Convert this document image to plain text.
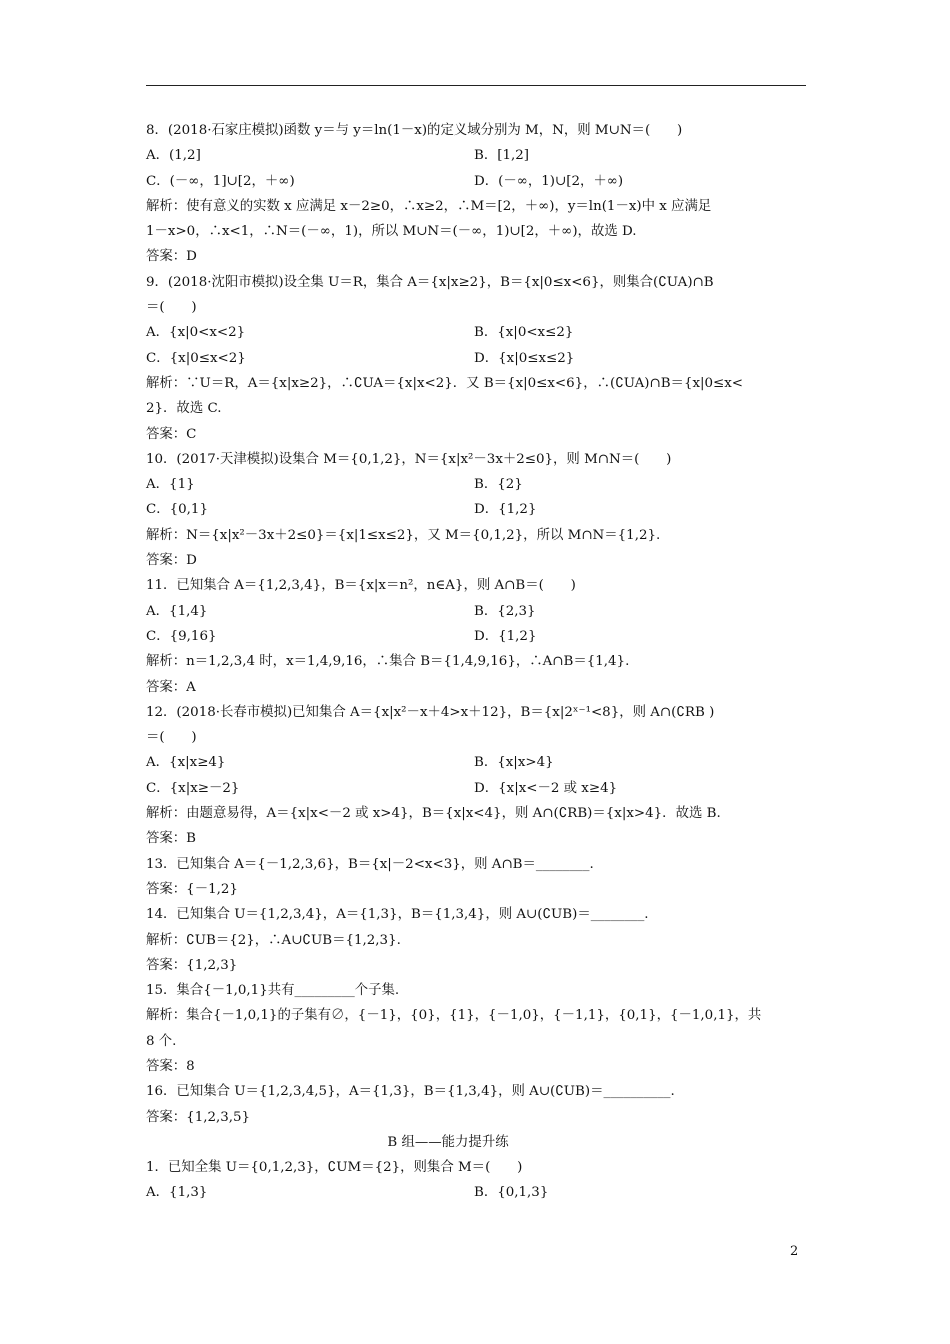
8．(2018·石家庄模拟)函数 y＝与 y＝ln(1－x)的定义域分别为 M，N，则 M∪N＝(　　)
A．(1,2]	B．[1,2]
C．(－∞，1]∪[2，＋∞)	D．(－∞，1)∪[2，＋∞)
解析：使有意义的实数 x 应满足 x－2≥0，∴x≥2，∴M＝[2，＋∞)，y＝ln(1－x)中 x 应满足
1－x>0，∴x<1，∴N＝(－∞，1)，所以 M∪N＝(－∞，1)∪[2，＋∞)，故选 D.
答案：D
9．(2018·沈阳市模拟)设全集 U＝R，集合 A＝{x|x≥2}，B＝{x|0≤x<6}，则集合(∁UA)∩B
＝(　　)
A．{x|0<x<2}	B．{x|0<x≤2}
C．{x|0≤x<2}	D．{x|0≤x≤2}
解析：∵U＝R，A＝{x|x≥2}，∴∁UA＝{x|x<2}．又 B＝{x|0≤x<6}，∴(∁UA)∩B＝{x|0≤x<
2}．故选 C.
答案：C
10．(2017·天津模拟)设集合 M＝{0,1,2}，N＝{x|x²－3x＋2≤0}，则 M∩N＝(　　)
A．{1}	B．{2}
C．{0,1}	D．{1,2}
解析：N＝{x|x²－3x＋2≤0}＝{x|1≤x≤2}，又 M＝{0,1,2}，所以 M∩N＝{1,2}.
答案：D
11．已知集合 A＝{1,2,3,4}，B＝{x|x＝n²，n∈A}，则 A∩B＝(　　)
A．{1,4}	B．{2,3}
C．{9,16}	D．{1,2}
解析：n＝1,2,3,4 时，x＝1,4,9,16，∴集合 B＝{1,4,9,16}，∴A∩B＝{1,4}.
答案：A
12．(2018·长春市模拟)已知集合 A＝{x|x²－x＋4>x＋12}，B＝{x|2ˣ⁻¹<8}，则 A∩(∁RB )
＝(　　)
A．{x|x≥4}	B．{x|x>4}
C．{x|x≥－2}	D．{x|x<－2 或 x≥4}
解析：由题意易得，A＝{x|x<－2 或 x>4}，B＝{x|x<4}，则 A∩(∁RB)＝{x|x>4}．故选 B.
答案：B
13．已知集合 A＝{－1,2,3,6}，B＝{x|－2<x<3}，则 A∩B＝________.
答案：{－1,2}
14．已知集合 U＝{1,2,3,4}，A＝{1,3}，B＝{1,3,4}，则 A∪(∁UB)＝________.
解析：∁UB＝{2}，∴A∪∁UB＝{1,2,3}.
答案：{1,2,3}
15．集合{－1,0,1}共有_________个子集.
解析：集合{－1,0,1}的子集有∅，{－1}，{0}，{1}，{－1,0}，{－1,1}，{0,1}，{－1,0,1}，共
8 个.
答案：8
16．已知集合 U＝{1,2,3,4,5}，A＝{1,3}，B＝{1,3,4}，则 A∪(∁UB)＝__________.
答案：{1,2,3,5}
B 组——能力提升练
1．已知全集 U＝{0,1,2,3}，∁UM＝{2}，则集合 M＝(　　)
A．{1,3}	B．{0,1,3}
2
